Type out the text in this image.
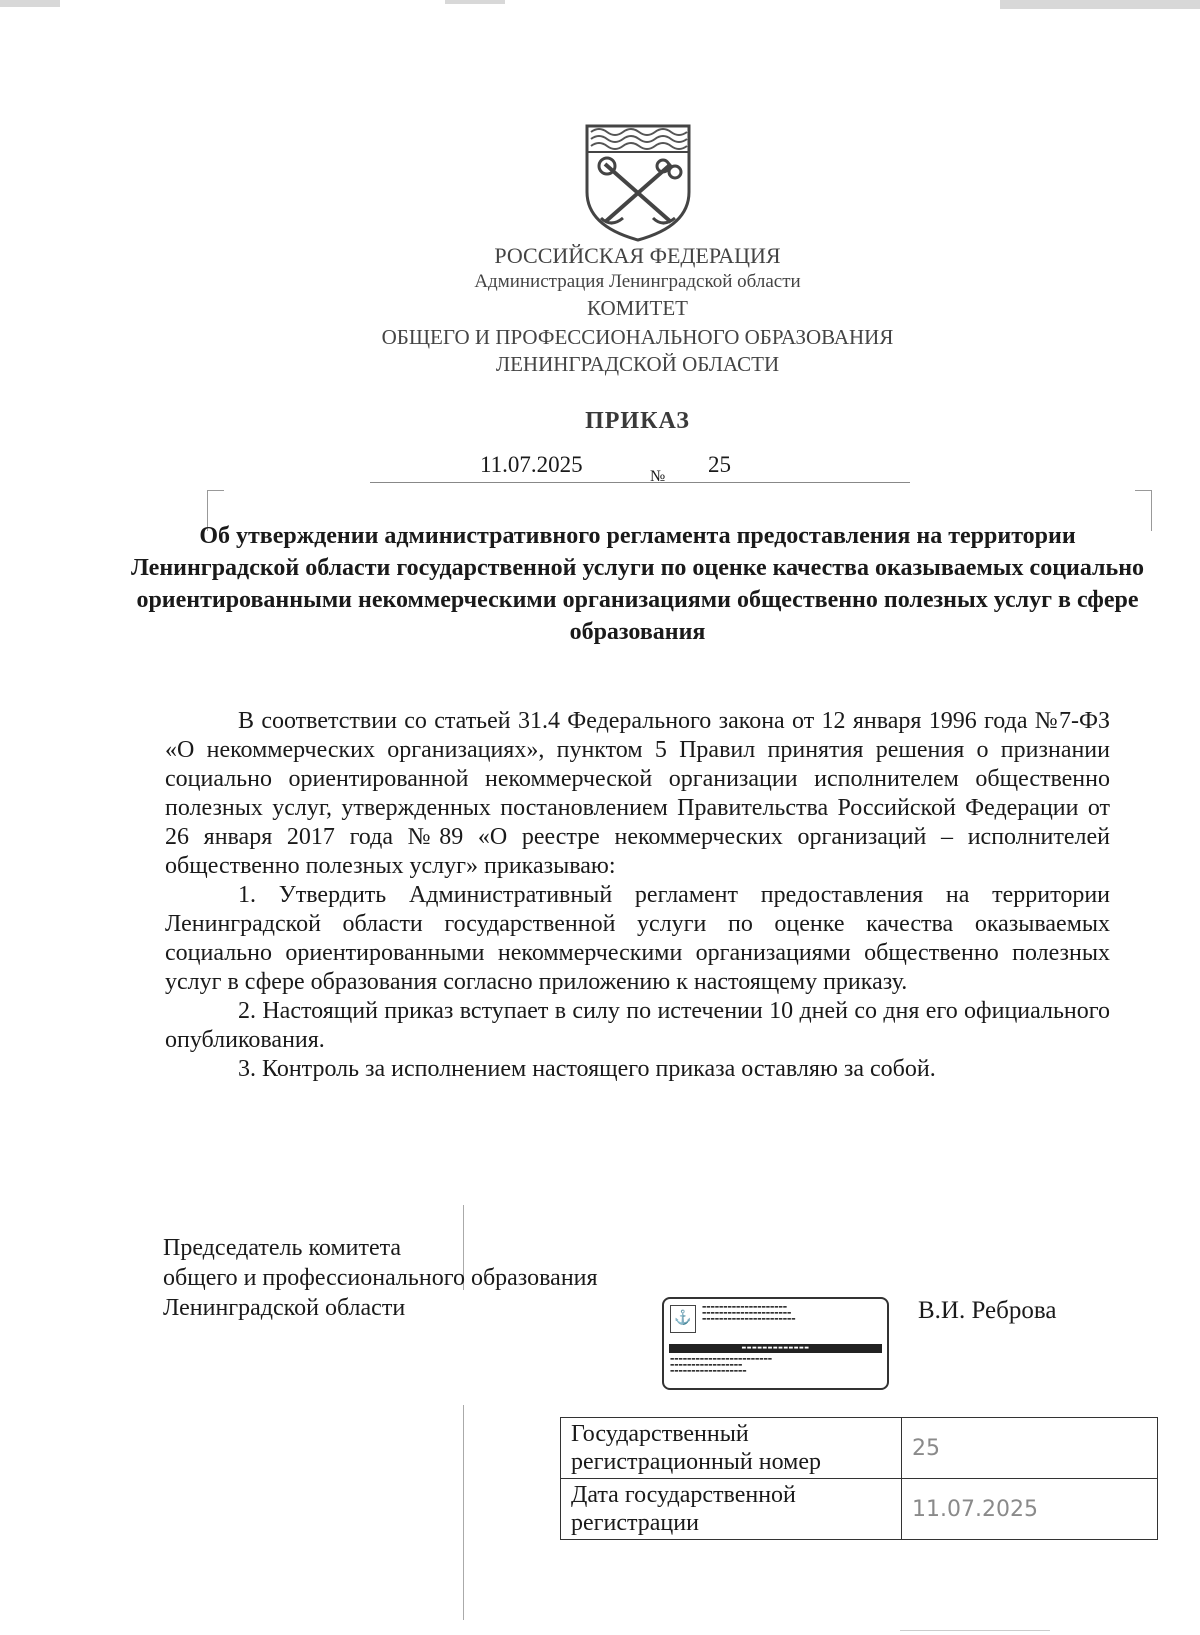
РОССИЙСКАЯ ФЕДЕРАЦИЯ
Администрация Ленинградской области
КОМИТЕТ
ОБЩЕГО И ПРОФЕССИОНАЛЬНОГО ОБРАЗОВАНИЯ
ЛЕНИНГРАДСКОЙ ОБЛАСТИ
ПРИКАЗ
11.07.2025	№ 25
Об утверждении административного регламента предоставления на территории Ленинградской области государственной услуги по оценке качества оказываемых социально ориентированными некоммерческими организациями общественно полезных услуг в сфере образования

В соответствии со статьей 31.4 Федерального закона от 12 января 1996 года №7-ФЗ «О некоммерческих организациях», пунктом 5 Правил принятия решения о признании социально ориентированной некоммерческой организации исполнителем общественно полезных услуг, утвержденных постановлением Правительства Российской Федерации от 26 января 2017 года №89 «О реестре некоммерческих организаций – исполнителей общественно полезных услуг» приказываю:

1. Утвердить Административный регламент предоставления на территории Ленинградской области государственной услуги по оценке качества оказываемых социально ориентированными некоммерческими организациями общественно полезных услуг в сфере образования согласно приложению к настоящему приказу.

2. Настоящий приказ вступает в силу по истечении 10 дней со дня его официального опубликования.

3. Контроль за исполнением настоящего приказа оставляю за собой.

Председатель комитета
общего и профессионального образования
Ленинградской области	⚓
▬▬▬▬▬▬▬▬▬▬▬▬▬▬▬▬▬▬▬▬
▬▬▬▬▬▬▬▬▬▬▬▬▬▬▬▬▬▬▬▬▬
▬▬▬▬▬▬▬▬▬▬▬▬▬▬▬▬▬▬▬▬▬▬
▬▬▬▬▬▬▬▬▬▬▬▬▬
▬▬▬▬▬▬▬▬▬▬▬▬▬▬▬▬▬▬▬▬▬▬▬▬
▬▬▬▬▬▬▬▬▬▬▬▬▬▬▬▬▬
▬▬▬▬▬▬▬▬▬▬▬▬▬▬▬▬▬▬
В.И. Реброва
Государственный регистрационный номер	25
Дата государственной регистрации	11.07.2025
